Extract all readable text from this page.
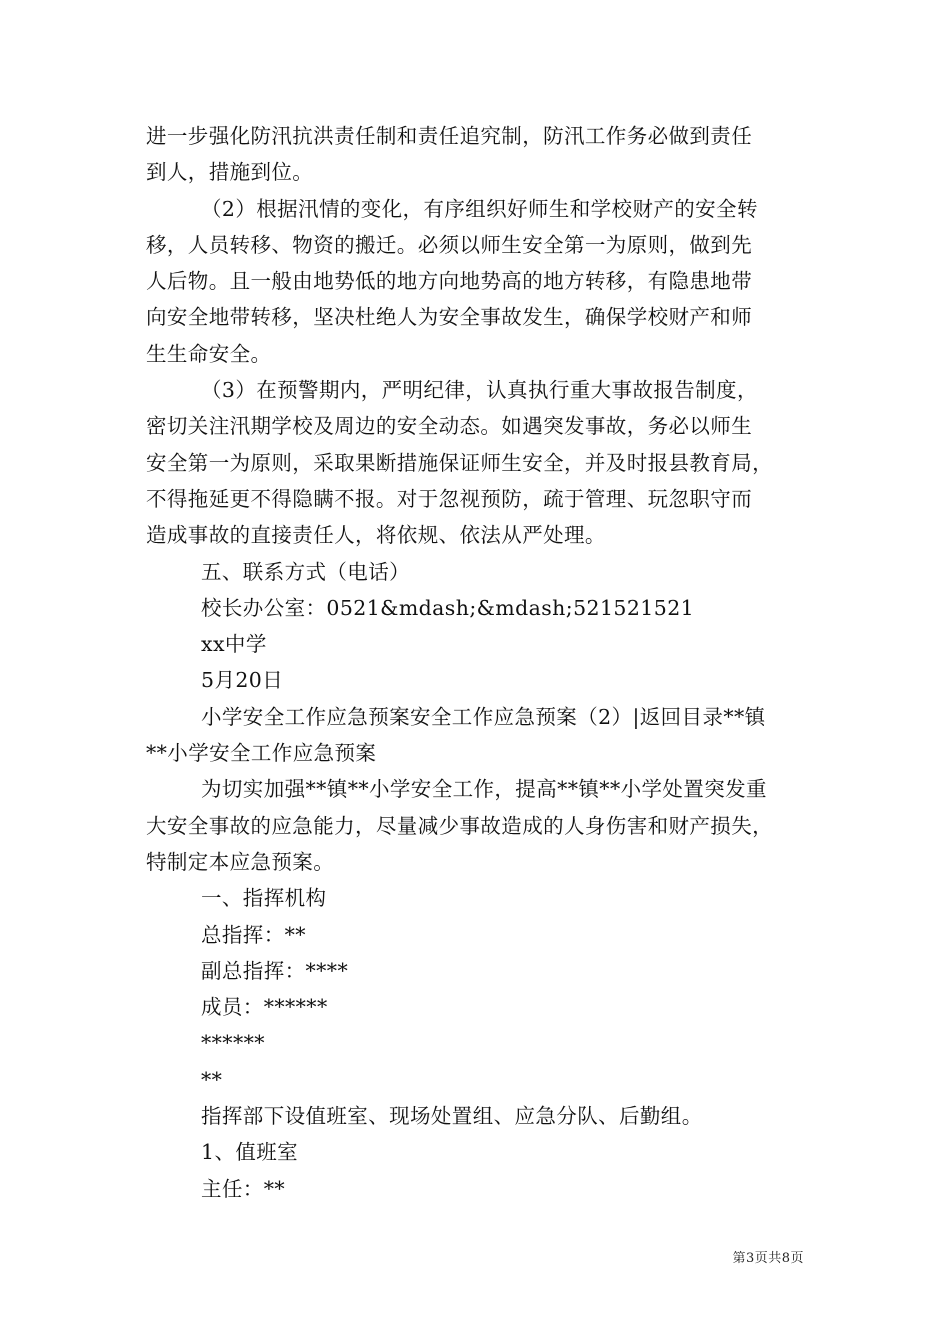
进一步强化防汛抗洪责任制和责任追究制，防汛工作务必做到责任
到人，措施到位。

（2）根据汛情的变化，有序组织好师生和学校财产的安全转
移，人员转移、物资的搬迁。必须以师生安全第一为原则，做到先
人后物。且一般由地势低的地方向地势高的地方转移，有隐患地带
向安全地带转移，坚决杜绝人为安全事故发生，确保学校财产和师
生生命安全。

（3）在预警期内，严明纪律，认真执行重大事故报告制度，
密切关注汛期学校及周边的安全动态。如遇突发事故，务必以师生
安全第一为原则，采取果断措施保证师生安全，并及时报县教育局，
不得拖延更不得隐瞒不报。对于忽视预防，疏于管理、玩忽职守而
造成事故的直接责任人，将依规、依法从严处理。

五、联系方式（电话）

校长办公室：0521&mdash;&mdash;521521521

xx中学

5月20日

小学安全工作应急预案安全工作应急预案（2）|返回目录**镇
**小学安全工作应急预案

为切实加强**镇**小学安全工作，提高**镇**小学处置突发重
大安全事故的应急能力，尽量减少事故造成的人身伤害和财产损失，
特制定本应急预案。

一、指挥机构

总指挥：**

副总指挥：****

成员：******

******

**

指挥部下设值班室、现场处置组、应急分队、后勤组。

1、值班室

主任：**

第3页共8页
